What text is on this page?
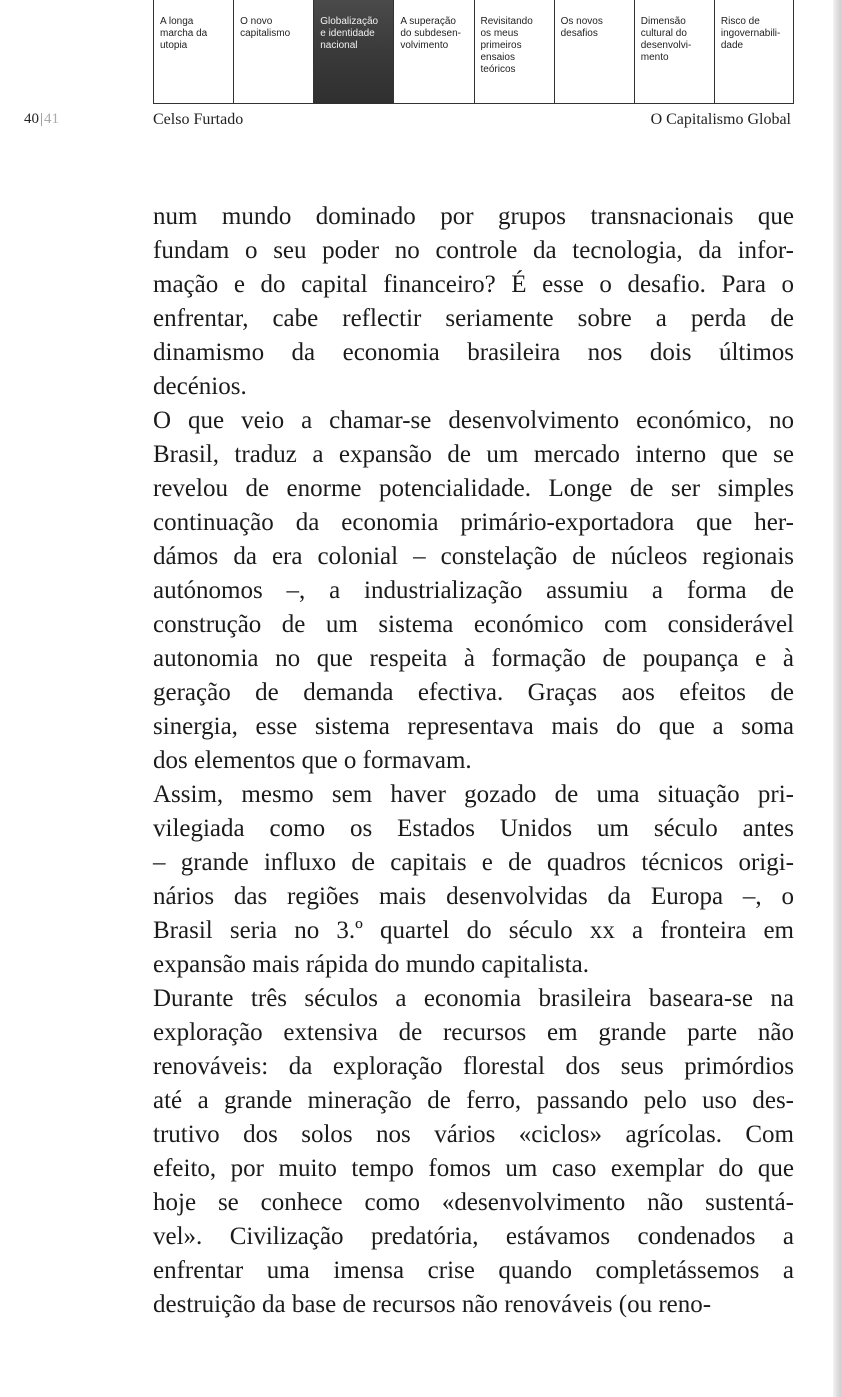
A longa
marcha da
utopia
O novo
capitalismo
Globalização
e identidade
nacional
A superação
do subdesen-
volvimento
Revisitando
os meus
primeiros
ensaios
teóricos
Os novos
desafios
Dimensão
cultural do
desenvolvi-
mento
Risco de
ingovernabili-
dade
40|41	Celso Furtado	O Capitalismo Global

num mundo dominado por grupos transnacionais que
fundam o seu poder no controle da tecnologia, da infor-
mação e do capital financeiro? É esse o desafio. Para o
enfrentar, cabe reflectir seriamente sobre a perda de
dinamismo da economia brasileira nos dois últimos
decénios.

O que veio a chamar-se desenvolvimento económico, no
Brasil, traduz a expansão de um mercado interno que se
revelou de enorme potencialidade. Longe de ser simples
continuação da economia primário-exportadora que her-
dámos da era colonial – constelação de núcleos regionais
autónomos –, a industrialização assumiu a forma de
construção de um sistema económico com considerável
autonomia no que respeita à formação de poupança e à
geração de demanda efectiva. Graças aos efeitos de
sinergia, esse sistema representava mais do que a soma
dos elementos que o formavam.

Assim, mesmo sem haver gozado de uma situação pri-
vilegiada como os Estados Unidos um século antes
– grande influxo de capitais e de quadros técnicos origi-
nários das regiões mais desenvolvidas da Europa –, o
Brasil seria no 3.º quartel do século xx a fronteira em
expansão mais rápida do mundo capitalista.

Durante três séculos a economia brasileira baseara-se na
exploração extensiva de recursos em grande parte não
renováveis: da exploração florestal dos seus primórdios
até a grande mineração de ferro, passando pelo uso des-
trutivo dos solos nos vários «ciclos» agrícolas. Com
efeito, por muito tempo fomos um caso exemplar do que
hoje se conhece como «desenvolvimento não sustentá-
vel». Civilização predatória, estávamos condenados a
enfrentar uma imensa crise quando completássemos a
destruição da base de recursos não renováveis (ou reno-
